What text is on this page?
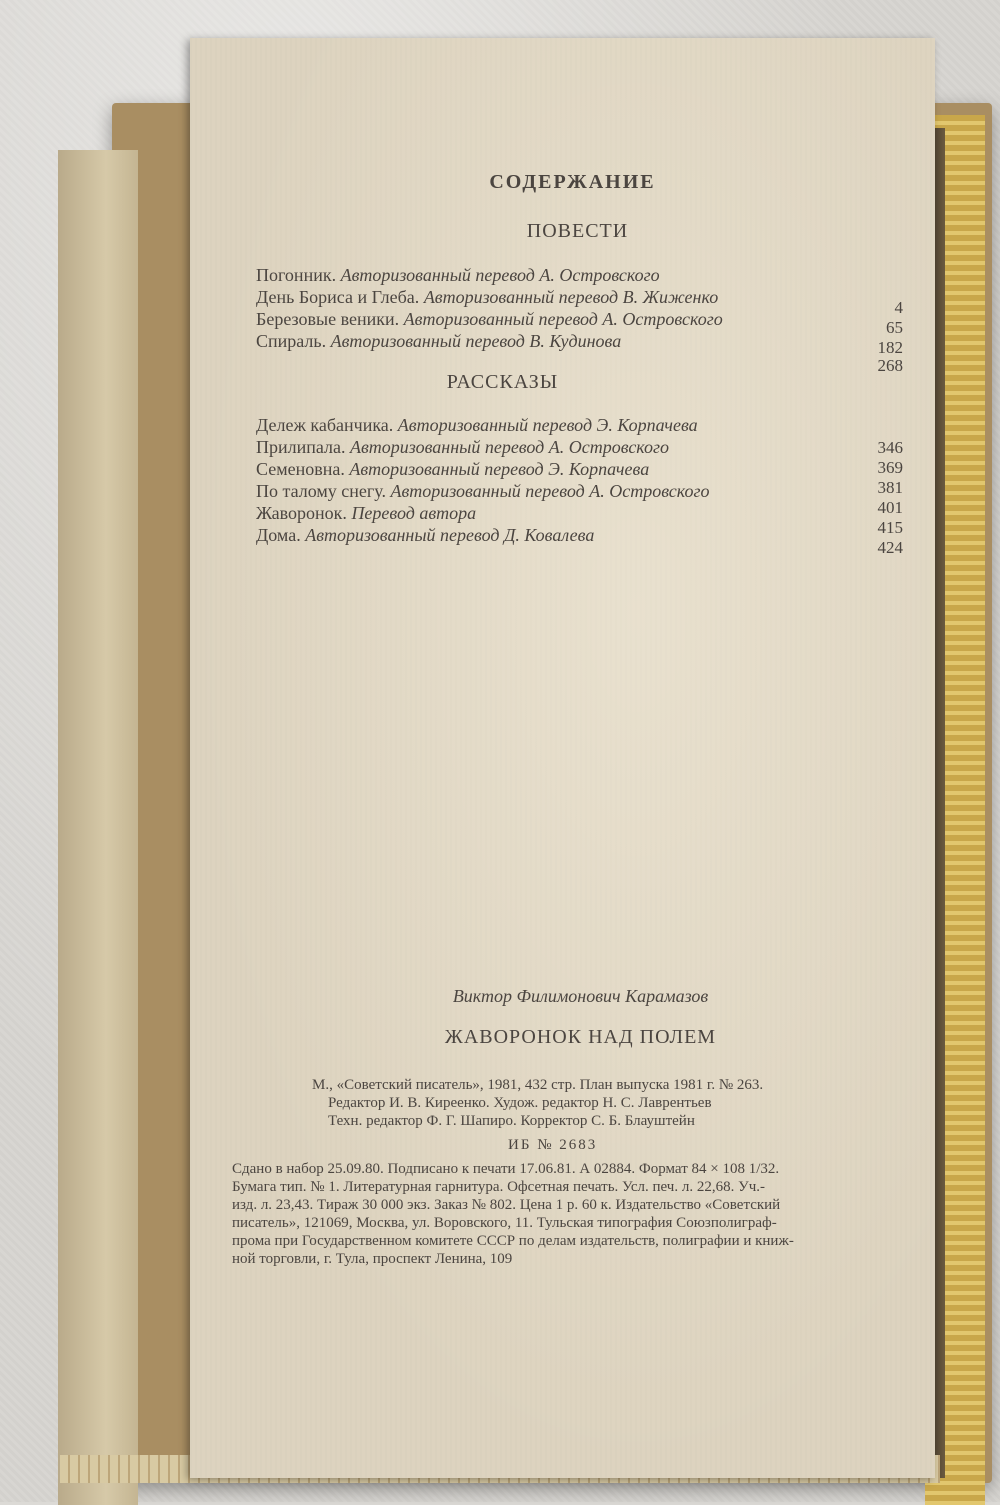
СОДЕРЖАНИЕ
ПОВЕСТИ
Погонник. Авторизованный перевод А. Островского
День Бориса и Глеба. Авторизованный перевод В. Жиженко
Березовые веники. Авторизованный перевод А. Островского
Спираль. Авторизованный перевод В. Кудинова
4
65
182
268
РАССКАЗЫ
Дележ кабанчика. Авторизованный перевод Э. Корпачева
Прилипала. Авторизованный перевод А. Островского
Семеновна. Авторизованный перевод Э. Корпачева
По талому снегу. Авторизованный перевод А. Островского
Жаворонок. Перевод автора
Дома. Авторизованный перевод Д. Ковалева
346
369
381
401
415
424
Виктор Филимонович Карамазов
ЖАВОРОНОК НАД ПОЛЕМ
М., «Советский писатель», 1981, 432 стр. План выпуска 1981 г. № 263.
Редактор И. В. Киреенко. Худож. редактор Н. С. Лаврентьев
Техн. редактор Ф. Г. Шапиро. Корректор С. Б. Блауштейн
ИБ № 2683
Сдано в набор 25.09.80. Подписано к печати 17.06.81. А 02884. Формат 84 × 108 1/32.
Бумага тип. № 1. Литературная гарнитура. Офсетная печать. Усл. печ. л. 22,68. Уч.-
изд. л. 23,43. Тираж 30 000 экз. Заказ № 802. Цена 1 р. 60 к. Издательство «Советский
писатель», 121069, Москва, ул. Воровского, 11. Тульская типография Союзполиграф-
прома при Государственном комитете СССР по делам издательств, полиграфии и книж-
ной торговли, г. Тула, проспект Ленина, 109
